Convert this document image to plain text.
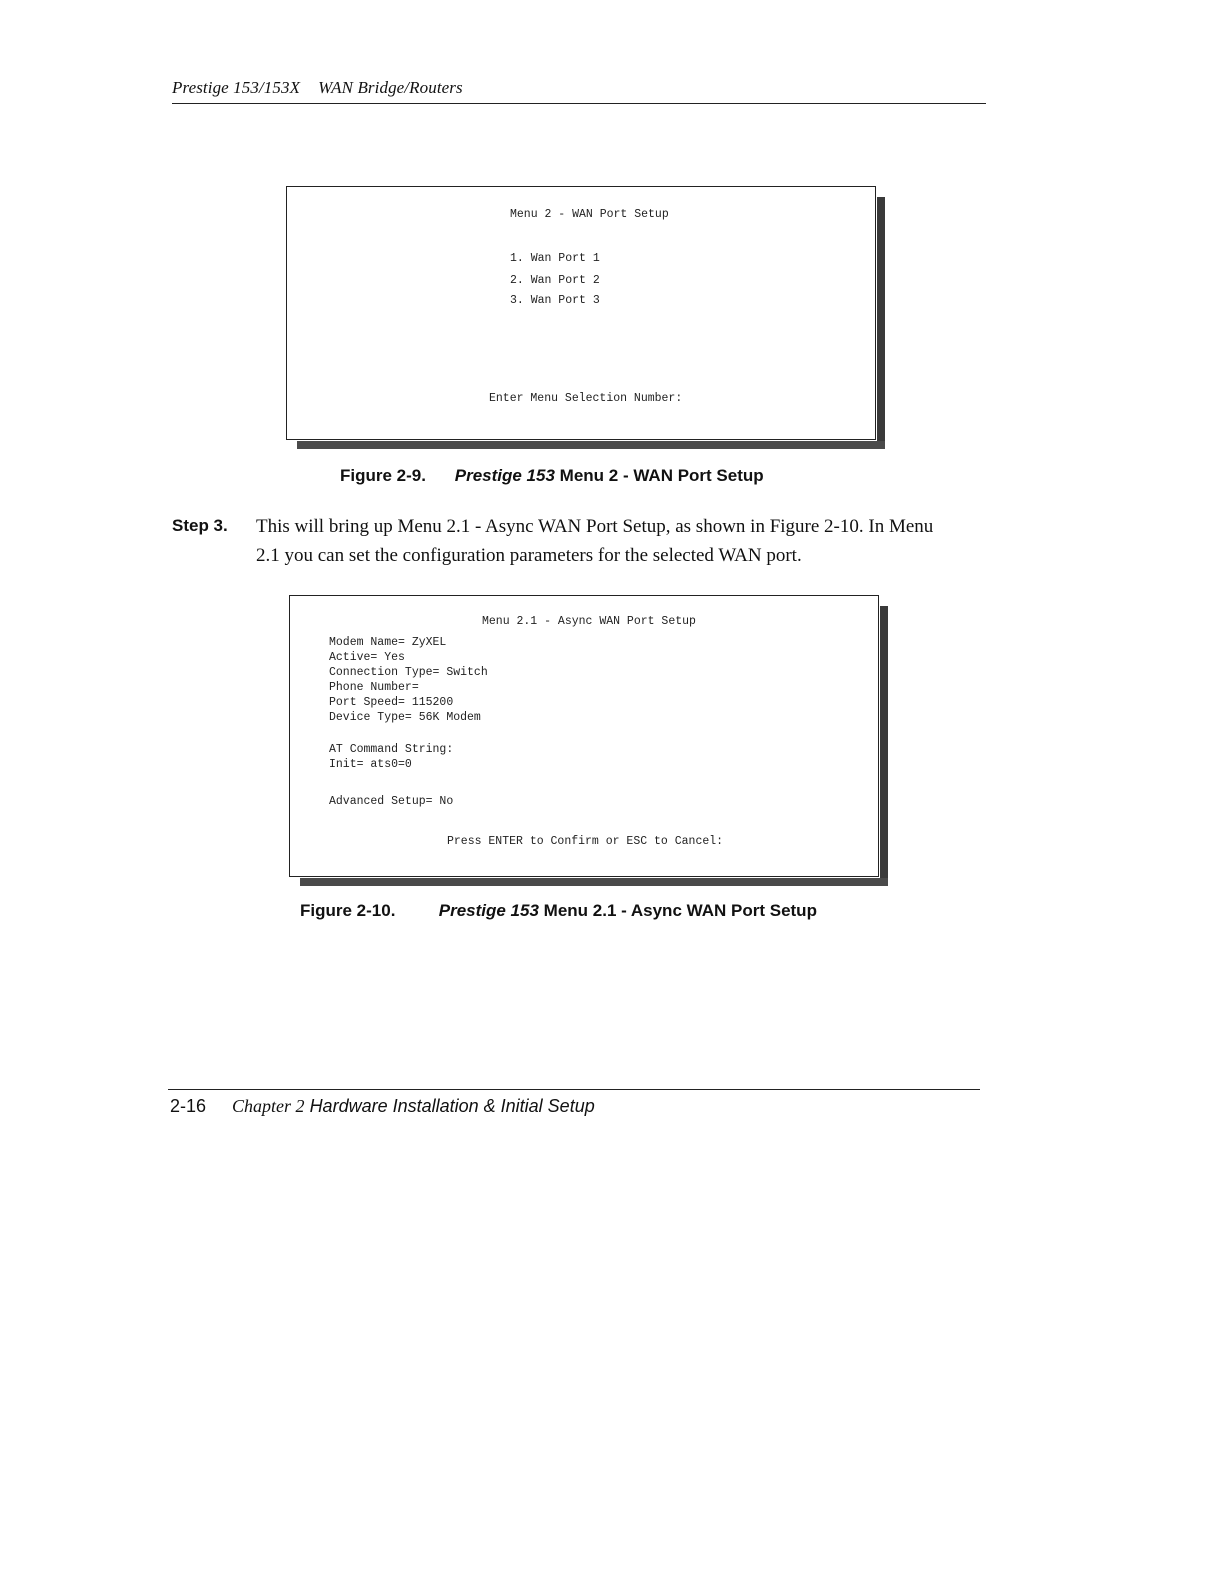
Prestige 153/153X WAN Bridge/Routers
Menu 2 - WAN Port Setup
1. Wan Port 1
2. Wan Port 2
3. Wan Port 3
Enter Menu Selection Number:
Figure 2-9. Prestige 153 Menu 2 - WAN Port Setup
Step 3. This will bring up Menu 2.1 - Async WAN Port Setup, as shown in Figure 2-10. In Menu 2.1 you can set the configuration parameters for the selected WAN port.
Menu 2.1 - Async WAN Port Setup
Modem Name= ZyXEL
Active= Yes
Connection Type= Switch
Phone Number=
Port Speed= 115200
Device Type= 56K Modem
AT Command String:
Init= ats0=0
Advanced Setup= No
Press ENTER to Confirm or ESC to Cancel:
Figure 2-10.	Prestige 153 Menu 2.1 - Async WAN Port Setup
2-16 Chapter 2 Hardware Installation & Initial Setup
